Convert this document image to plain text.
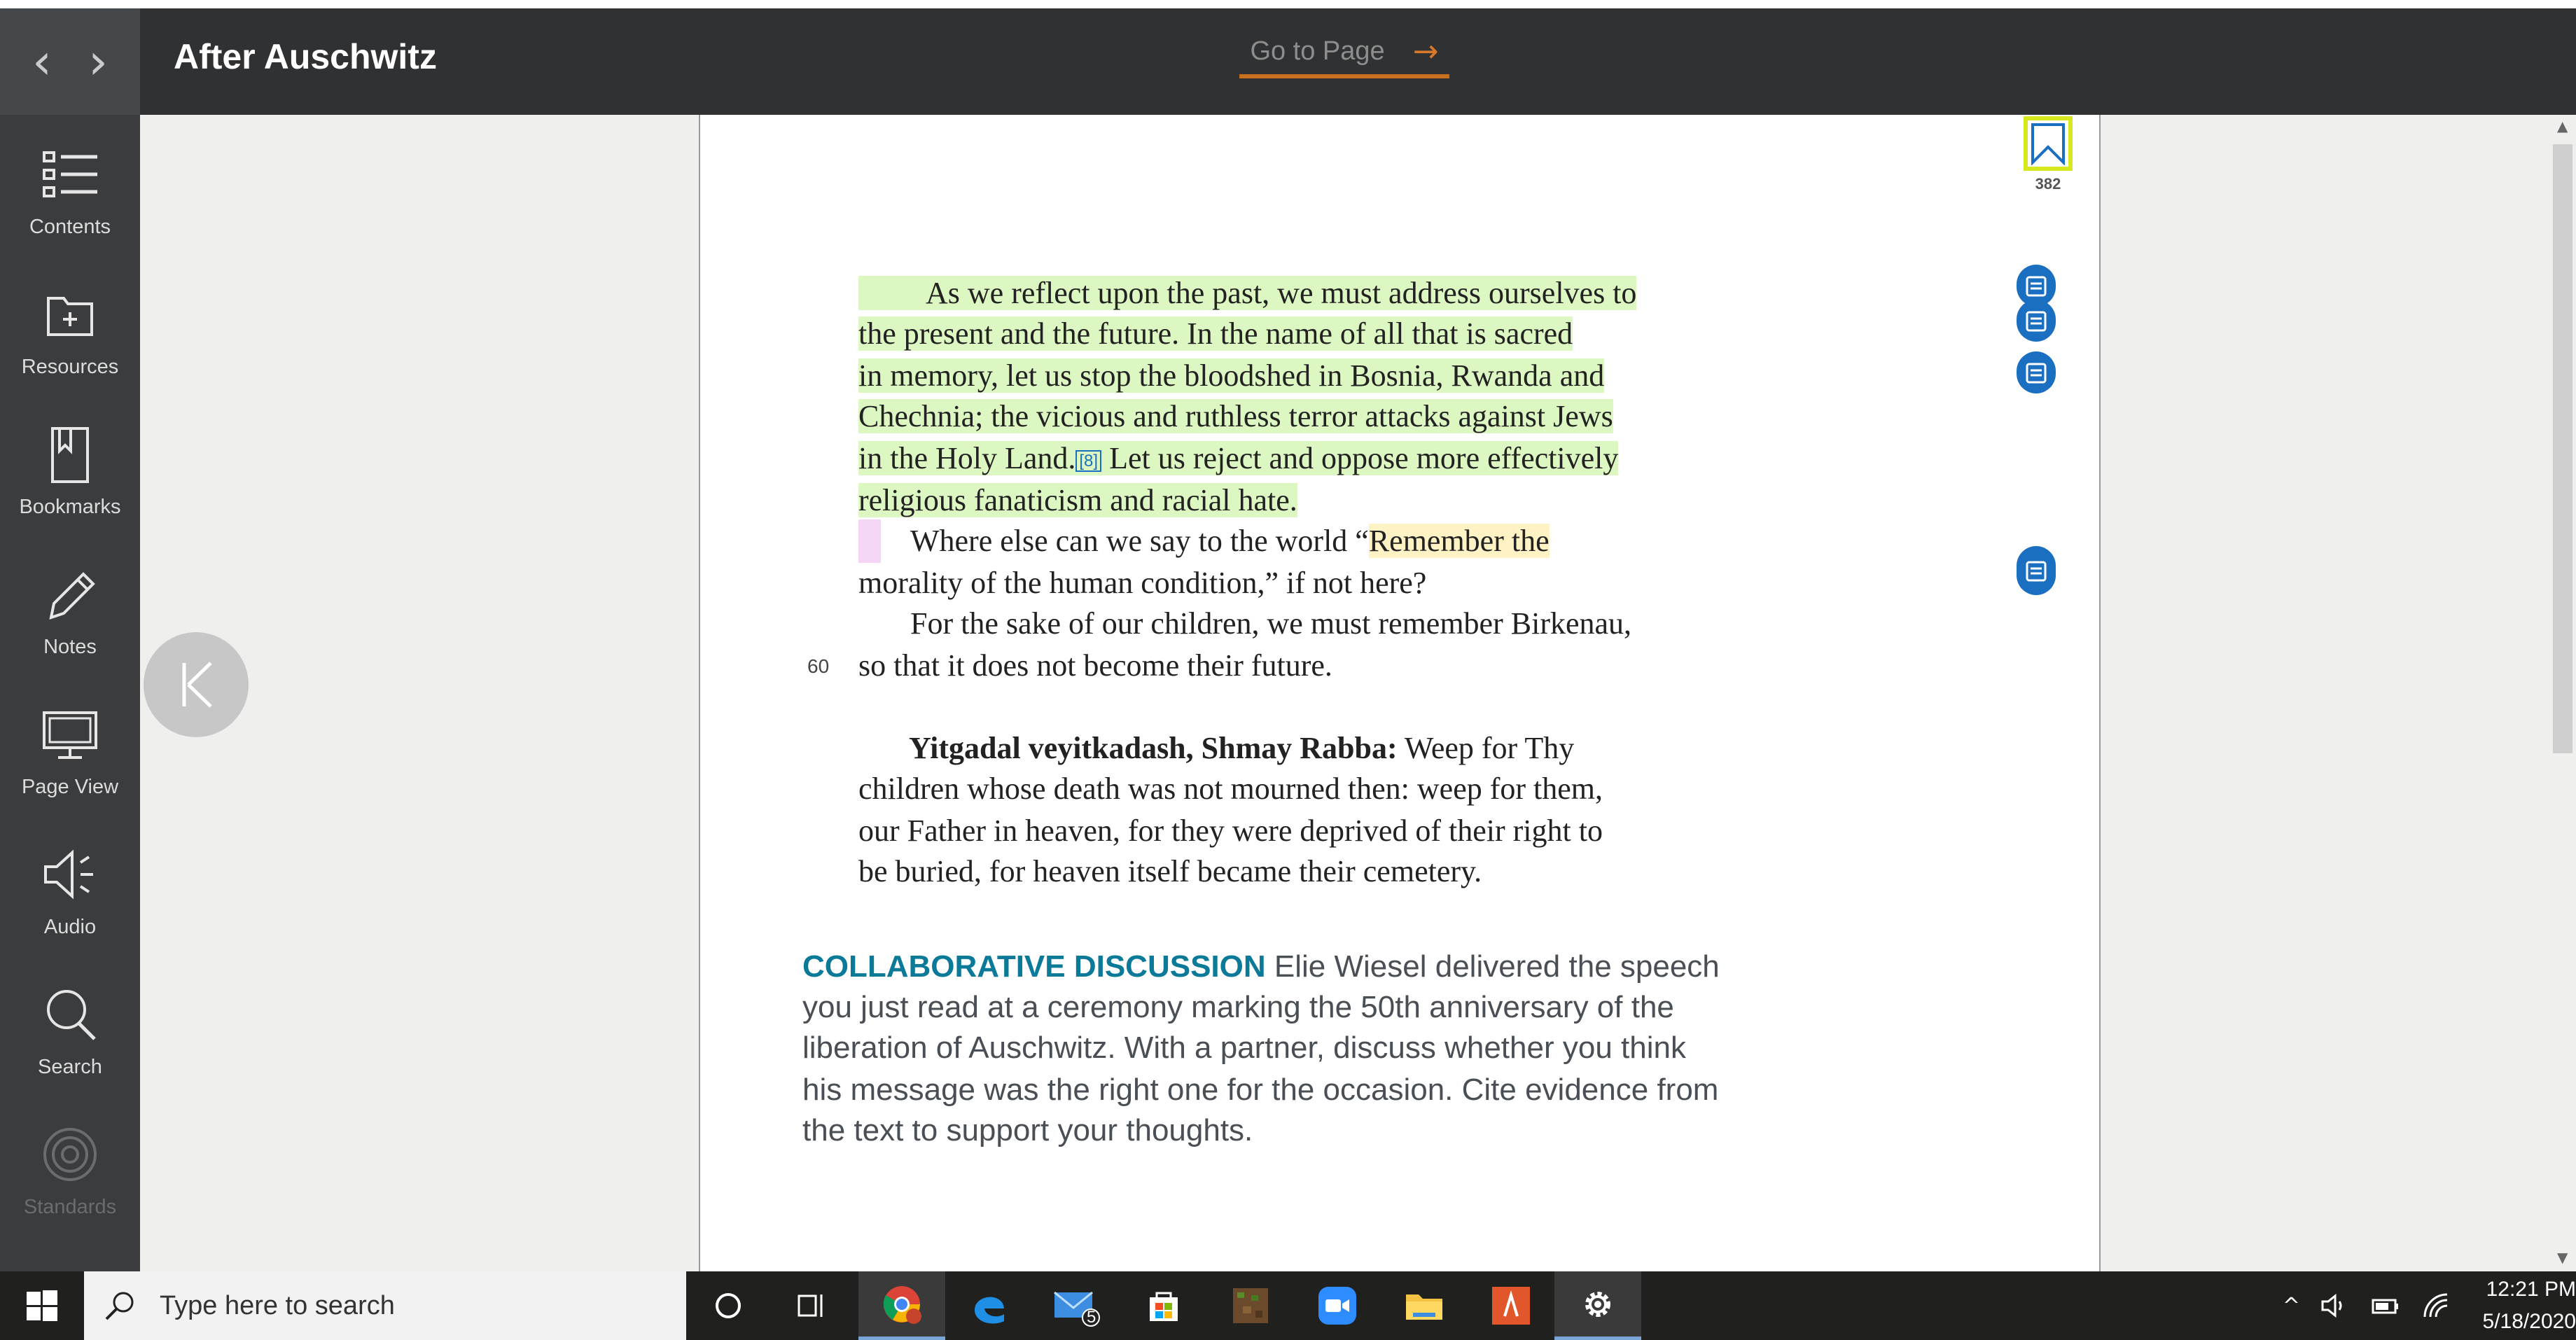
‹ › After Auschwitz	Go to Page →
Contents
Resources
Bookmarks
Notes
Page View
Audio
Search
Standards
382
As we reflect upon the past, we must address ourselves to
the present and the future. In the name of all that is sacred
in memory, let us stop the bloodshed in Bosnia, Rwanda and
Chechnia; the vicious and ruthless terror attacks against Jews
in the Holy Land. [8] Let us reject and oppose more effectively
religious fanaticism and racial hate.
Where else can we say to the world “Remember the
morality of the human condition,” if not here?
For the sake of our children, we must remember Birkenau,
60 so that it does not become their future.
Yitgadal veyitkadash, Shmay Rabba: Weep for Thy
children whose death was not mourned then: weep for them,
our Father in heaven, for they were deprived of their right to
be buried, for heaven itself became their cemetery.
COLLABORATIVE DISCUSSION Elie Wiesel delivered the speech
you just read at a ceremony marking the 50th anniversary of the
liberation of Auschwitz. With a partner, discuss whether you think
his message was the right one for the occasion. Cite evidence from
the text to support your thoughts.
▲
▼
Type here to search	5	^
12:21 PM
5/18/2020
